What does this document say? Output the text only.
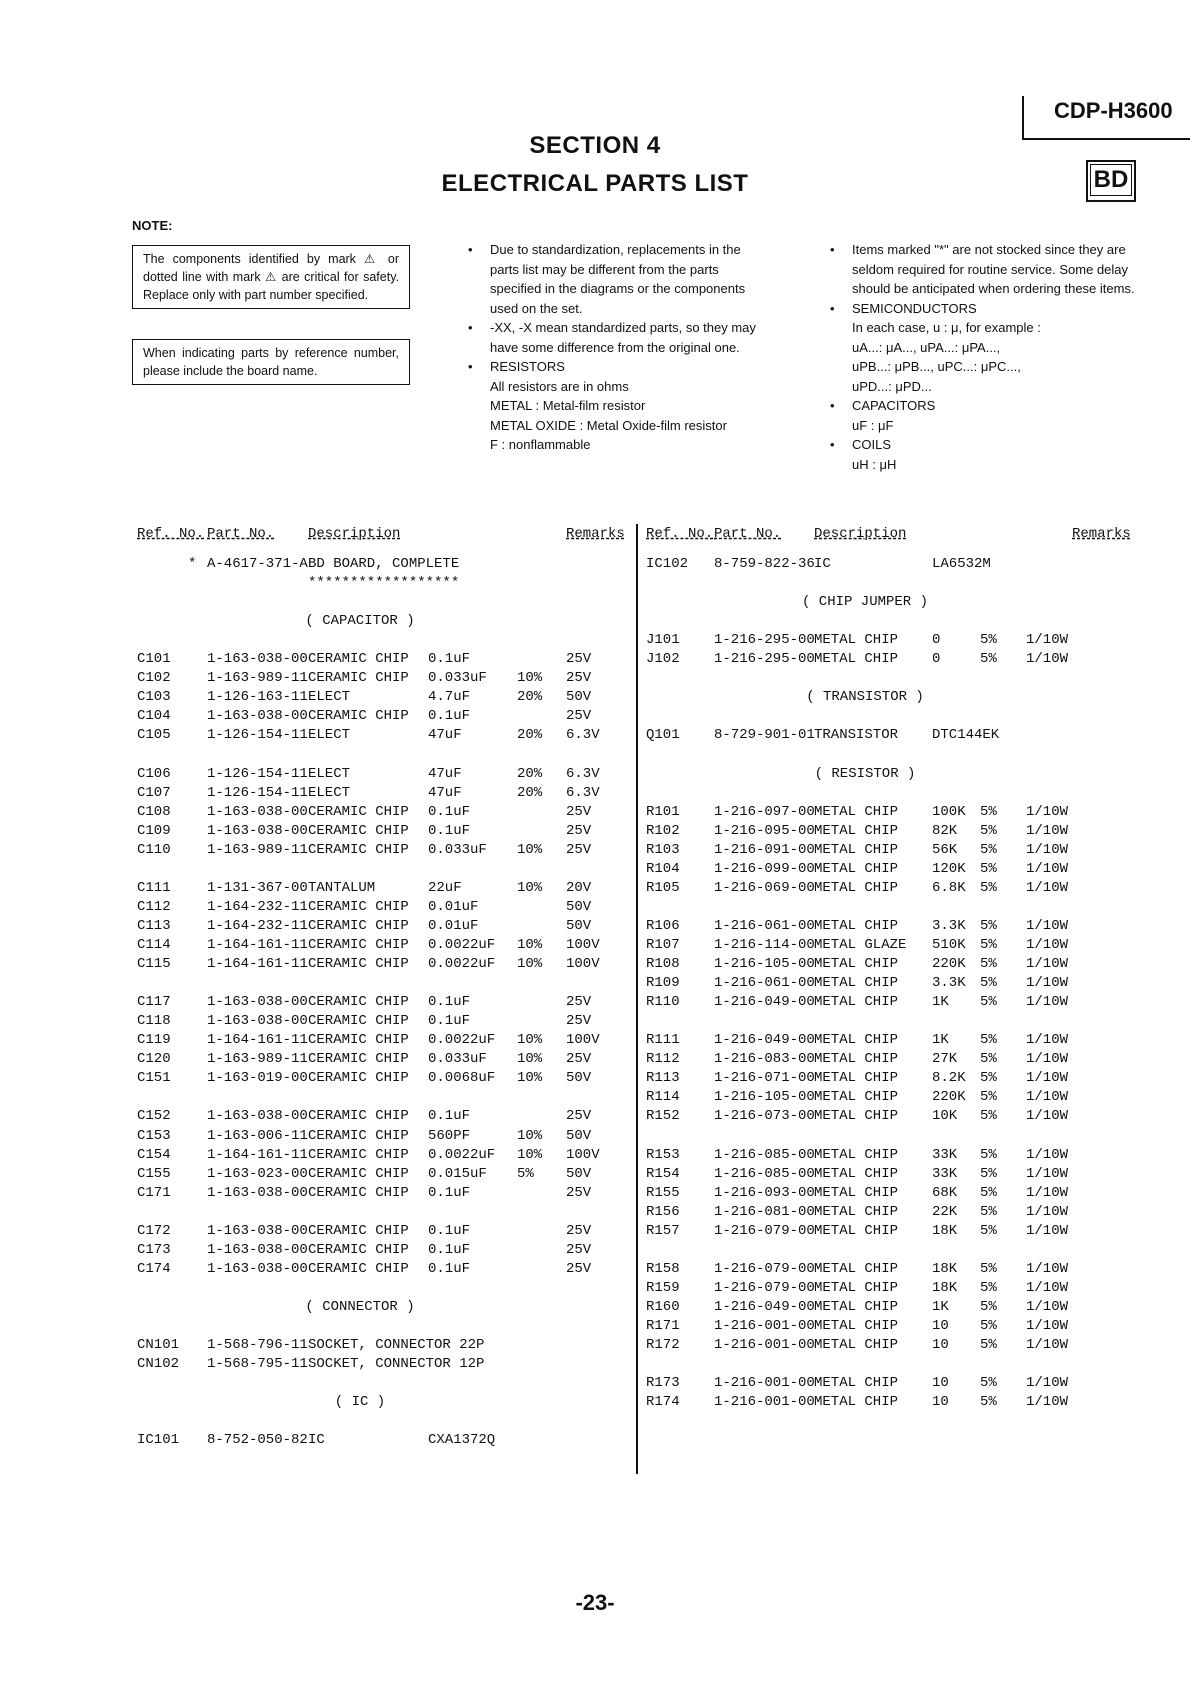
CDP-H3600
SECTION 4
ELECTRICAL PARTS LIST	BD
NOTE:
The components identified by mark ⚠ or dotted line with mark ⚠ are critical for safety. Replace only with part number specified.
When indicating parts by reference number, please include the board name.
•	Due to standardization, replacements in the parts list may be different from the parts specified in the diagrams or the components used on the set.
•	-XX, -X mean standardized parts, so they may have some difference from the original one.
•	RESISTORS
All resistors are in ohms
METAL : Metal-film resistor
METAL OXIDE : Metal Oxide-film resistor
F : nonflammable
•	Items marked "*" are not stocked since they are seldom required for routine service. Some delay should be anticipated when ordering these items.
•	SEMICONDUCTORS
In each case, u : μ, for example :
uA...: μA..., uPA...: μPA...,
uPB...: μPB..., uPC...: μPC...,
uPD...: μPD...
•	CAPACITORS
uF : μF
•	COILS
uH : μH
Ref. No. Part No. Description	Remarks Ref. No. Part No. Description	Remarks
* A-4617-371-A BD BOARD, COMPLETE
******************
( CAPACITOR )
C101	1-163-038-00 CERAMIC CHIP 0.1uF	25V
C102	1-163-989-11 CERAMIC CHIP 0.033uF 10% 25V
C103	1-126-163-11 ELECT	4.7uF	20% 50V
C104	1-163-038-00 CERAMIC CHIP 0.1uF	25V
C105	1-126-154-11 ELECT	47uF	20% 6.3V
C106	1-126-154-11 ELECT	47uF	20% 6.3V
C107	1-126-154-11 ELECT	47uF	20% 6.3V
C108	1-163-038-00 CERAMIC CHIP 0.1uF	25V
C109	1-163-038-00 CERAMIC CHIP 0.1uF	25V
C110	1-163-989-11 CERAMIC CHIP 0.033uF 10% 25V
C111	1-131-367-00 TANTALUM	22uF	10% 20V
C112	1-164-232-11 CERAMIC CHIP 0.01uF	50V
C113	1-164-232-11 CERAMIC CHIP 0.01uF	50V
C114	1-164-161-11 CERAMIC CHIP 0.0022uF 10% 100V
C115	1-164-161-11 CERAMIC CHIP 0.0022uF 10% 100V
C117	1-163-038-00 CERAMIC CHIP 0.1uF	25V
C118	1-163-038-00 CERAMIC CHIP 0.1uF	25V
C119	1-164-161-11 CERAMIC CHIP 0.0022uF 10% 100V
C120	1-163-989-11 CERAMIC CHIP 0.033uF 10% 25V
C151	1-163-019-00 CERAMIC CHIP 0.0068uF 10% 50V
C152	1-163-038-00 CERAMIC CHIP 0.1uF	25V
C153	1-163-006-11 CERAMIC CHIP 560PF	10% 50V
C154	1-164-161-11 CERAMIC CHIP 0.0022uF 10% 100V
C155	1-163-023-00 CERAMIC CHIP 0.015uF 5% 50V
C171	1-163-038-00 CERAMIC CHIP 0.1uF	25V
C172	1-163-038-00 CERAMIC CHIP 0.1uF	25V
C173	1-163-038-00 CERAMIC CHIP 0.1uF	25V
C174	1-163-038-00 CERAMIC CHIP 0.1uF	25V
( CONNECTOR )
CN101 1-568-796-11 SOCKET, CONNECTOR 22P
CN102 1-568-795-11 SOCKET, CONNECTOR 12P
( IC )
IC101 8-752-050-82 IC	CXA1372Q
IC102 8-759-822-36 IC	LA6532M
( CHIP JUMPER )
J101 1-216-295-00 METAL CHIP 0	5% 1/10W
J102 1-216-295-00 METAL CHIP 0	5% 1/10W
( TRANSISTOR )
Q101 8-729-901-01 TRANSISTOR DTC144EK
( RESISTOR )
R101 1-216-097-00 METAL CHIP 100K 5% 1/10W
R102 1-216-095-00 METAL CHIP 82K 5% 1/10W
R103 1-216-091-00 METAL CHIP 56K 5% 1/10W
R104 1-216-099-00 METAL CHIP 120K 5% 1/10W
R105 1-216-069-00 METAL CHIP 6.8K 5% 1/10W
R106 1-216-061-00 METAL CHIP 3.3K 5% 1/10W
R107 1-216-114-00 METAL GLAZE 510K 5% 1/10W
R108 1-216-105-00 METAL CHIP 220K 5% 1/10W
R109 1-216-061-00 METAL CHIP 3.3K 5% 1/10W
R110 1-216-049-00 METAL CHIP 1K 5% 1/10W
R111 1-216-049-00 METAL CHIP 1K 5% 1/10W
R112 1-216-083-00 METAL CHIP 27K 5% 1/10W
R113 1-216-071-00 METAL CHIP 8.2K 5% 1/10W
R114 1-216-105-00 METAL CHIP 220K 5% 1/10W
R152 1-216-073-00 METAL CHIP 10K 5% 1/10W
R153 1-216-085-00 METAL CHIP 33K 5% 1/10W
R154 1-216-085-00 METAL CHIP 33K 5% 1/10W
R155 1-216-093-00 METAL CHIP 68K 5% 1/10W
R156 1-216-081-00 METAL CHIP 22K 5% 1/10W
R157 1-216-079-00 METAL CHIP 18K 5% 1/10W
R158 1-216-079-00 METAL CHIP 18K 5% 1/10W
R159 1-216-079-00 METAL CHIP 18K 5% 1/10W
R160 1-216-049-00 METAL CHIP 1K 5% 1/10W
R171 1-216-001-00 METAL CHIP 10 5% 1/10W
R172 1-216-001-00 METAL CHIP 10 5% 1/10W
R173 1-216-001-00 METAL CHIP 10 5% 1/10W
R174 1-216-001-00 METAL CHIP 10 5% 1/10W
-23-
